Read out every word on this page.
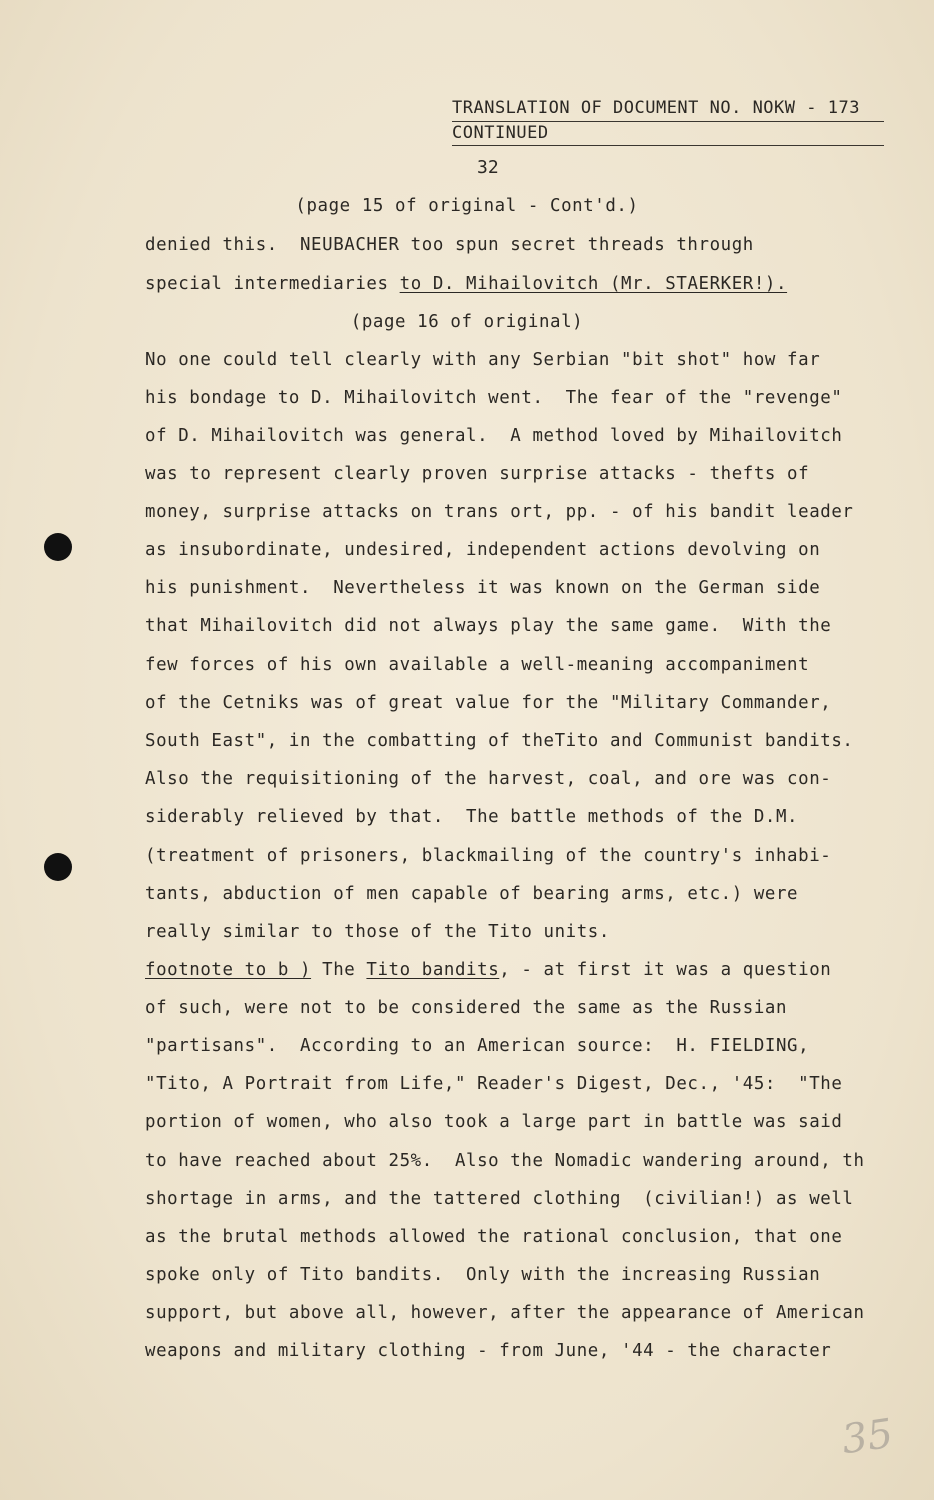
TRANSLATION OF DOCUMENT NO. NOKW - 173
CONTINUED
32
(page 15 of original - Cont'd.)
denied this.  NEUBACHER too spun secret threads through
special intermediaries to D. Mihailovitch (Mr. STAERKER!).
(page 16 of original)
No one could tell clearly with any Serbian "bit shot" how far
his bondage to D. Mihailovitch went.  The fear of the "revenge"
of D. Mihailovitch was general.  A method loved by Mihailovitch
was to represent clearly proven surprise attacks - thefts of
money, surprise attacks on trans ort, pp. - of his bandit leader
as insubordinate, undesired, independent actions devolving on
his punishment.  Nevertheless it was known on the German side
that Mihailovitch did not always play the same game.  With the
few forces of his own available a well-meaning accompaniment
of the Cetniks was of great value for the "Military Commander,
South East", in the combatting of theTito and Communist bandits.
Also the requisitioning of the harvest, coal, and ore was con-
siderably relieved by that.  The battle methods of the D.M.
(treatment of prisoners, blackmailing of the country's inhabi-
tants, abduction of men capable of bearing arms, etc.) were
really similar to those of the Tito units.
footnote to b ) The Tito bandits, - at first it was a question
of such, were not to be considered the same as the Russian
"partisans".  According to an American source:  H. FIELDING,
"Tito, A Portrait from Life," Reader's Digest, Dec., '45:  "The
portion of women, who also took a large part in battle was said
to have reached about 25%.  Also the Nomadic wandering around, th
shortage in arms, and the tattered clothing  (civilian!) as well
as the brutal methods allowed the rational conclusion, that one
spoke only of Tito bandits.  Only with the increasing Russian
support, but above all, however, after the appearance of American
weapons and military clothing - from June, '44 - the character
35
